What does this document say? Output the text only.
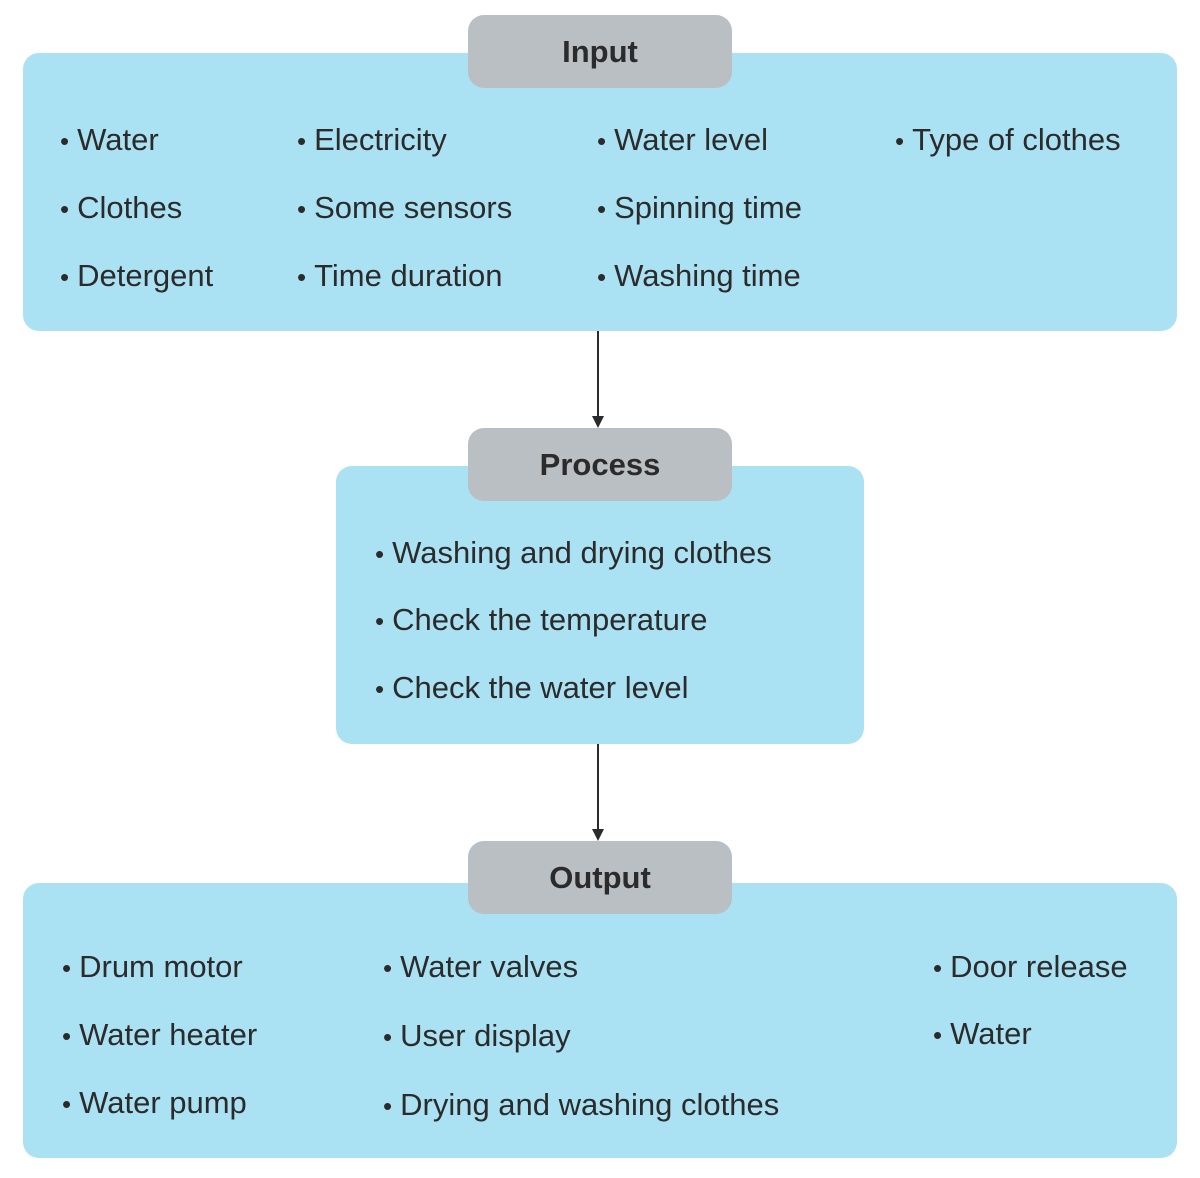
Input
• Water
• Clothes
• Detergent
• Electricity
• Some sensors
• Time duration
• Water level
• Spinning time
• Washing time
• Type of clothes
Process
• Washing and drying clothes
• Check the temperature
• Check the water level
Output
• Drum motor
• Water heater
• Water pump
• Water valves
• User display
• Drying and washing clothes
• Door release
• Water
